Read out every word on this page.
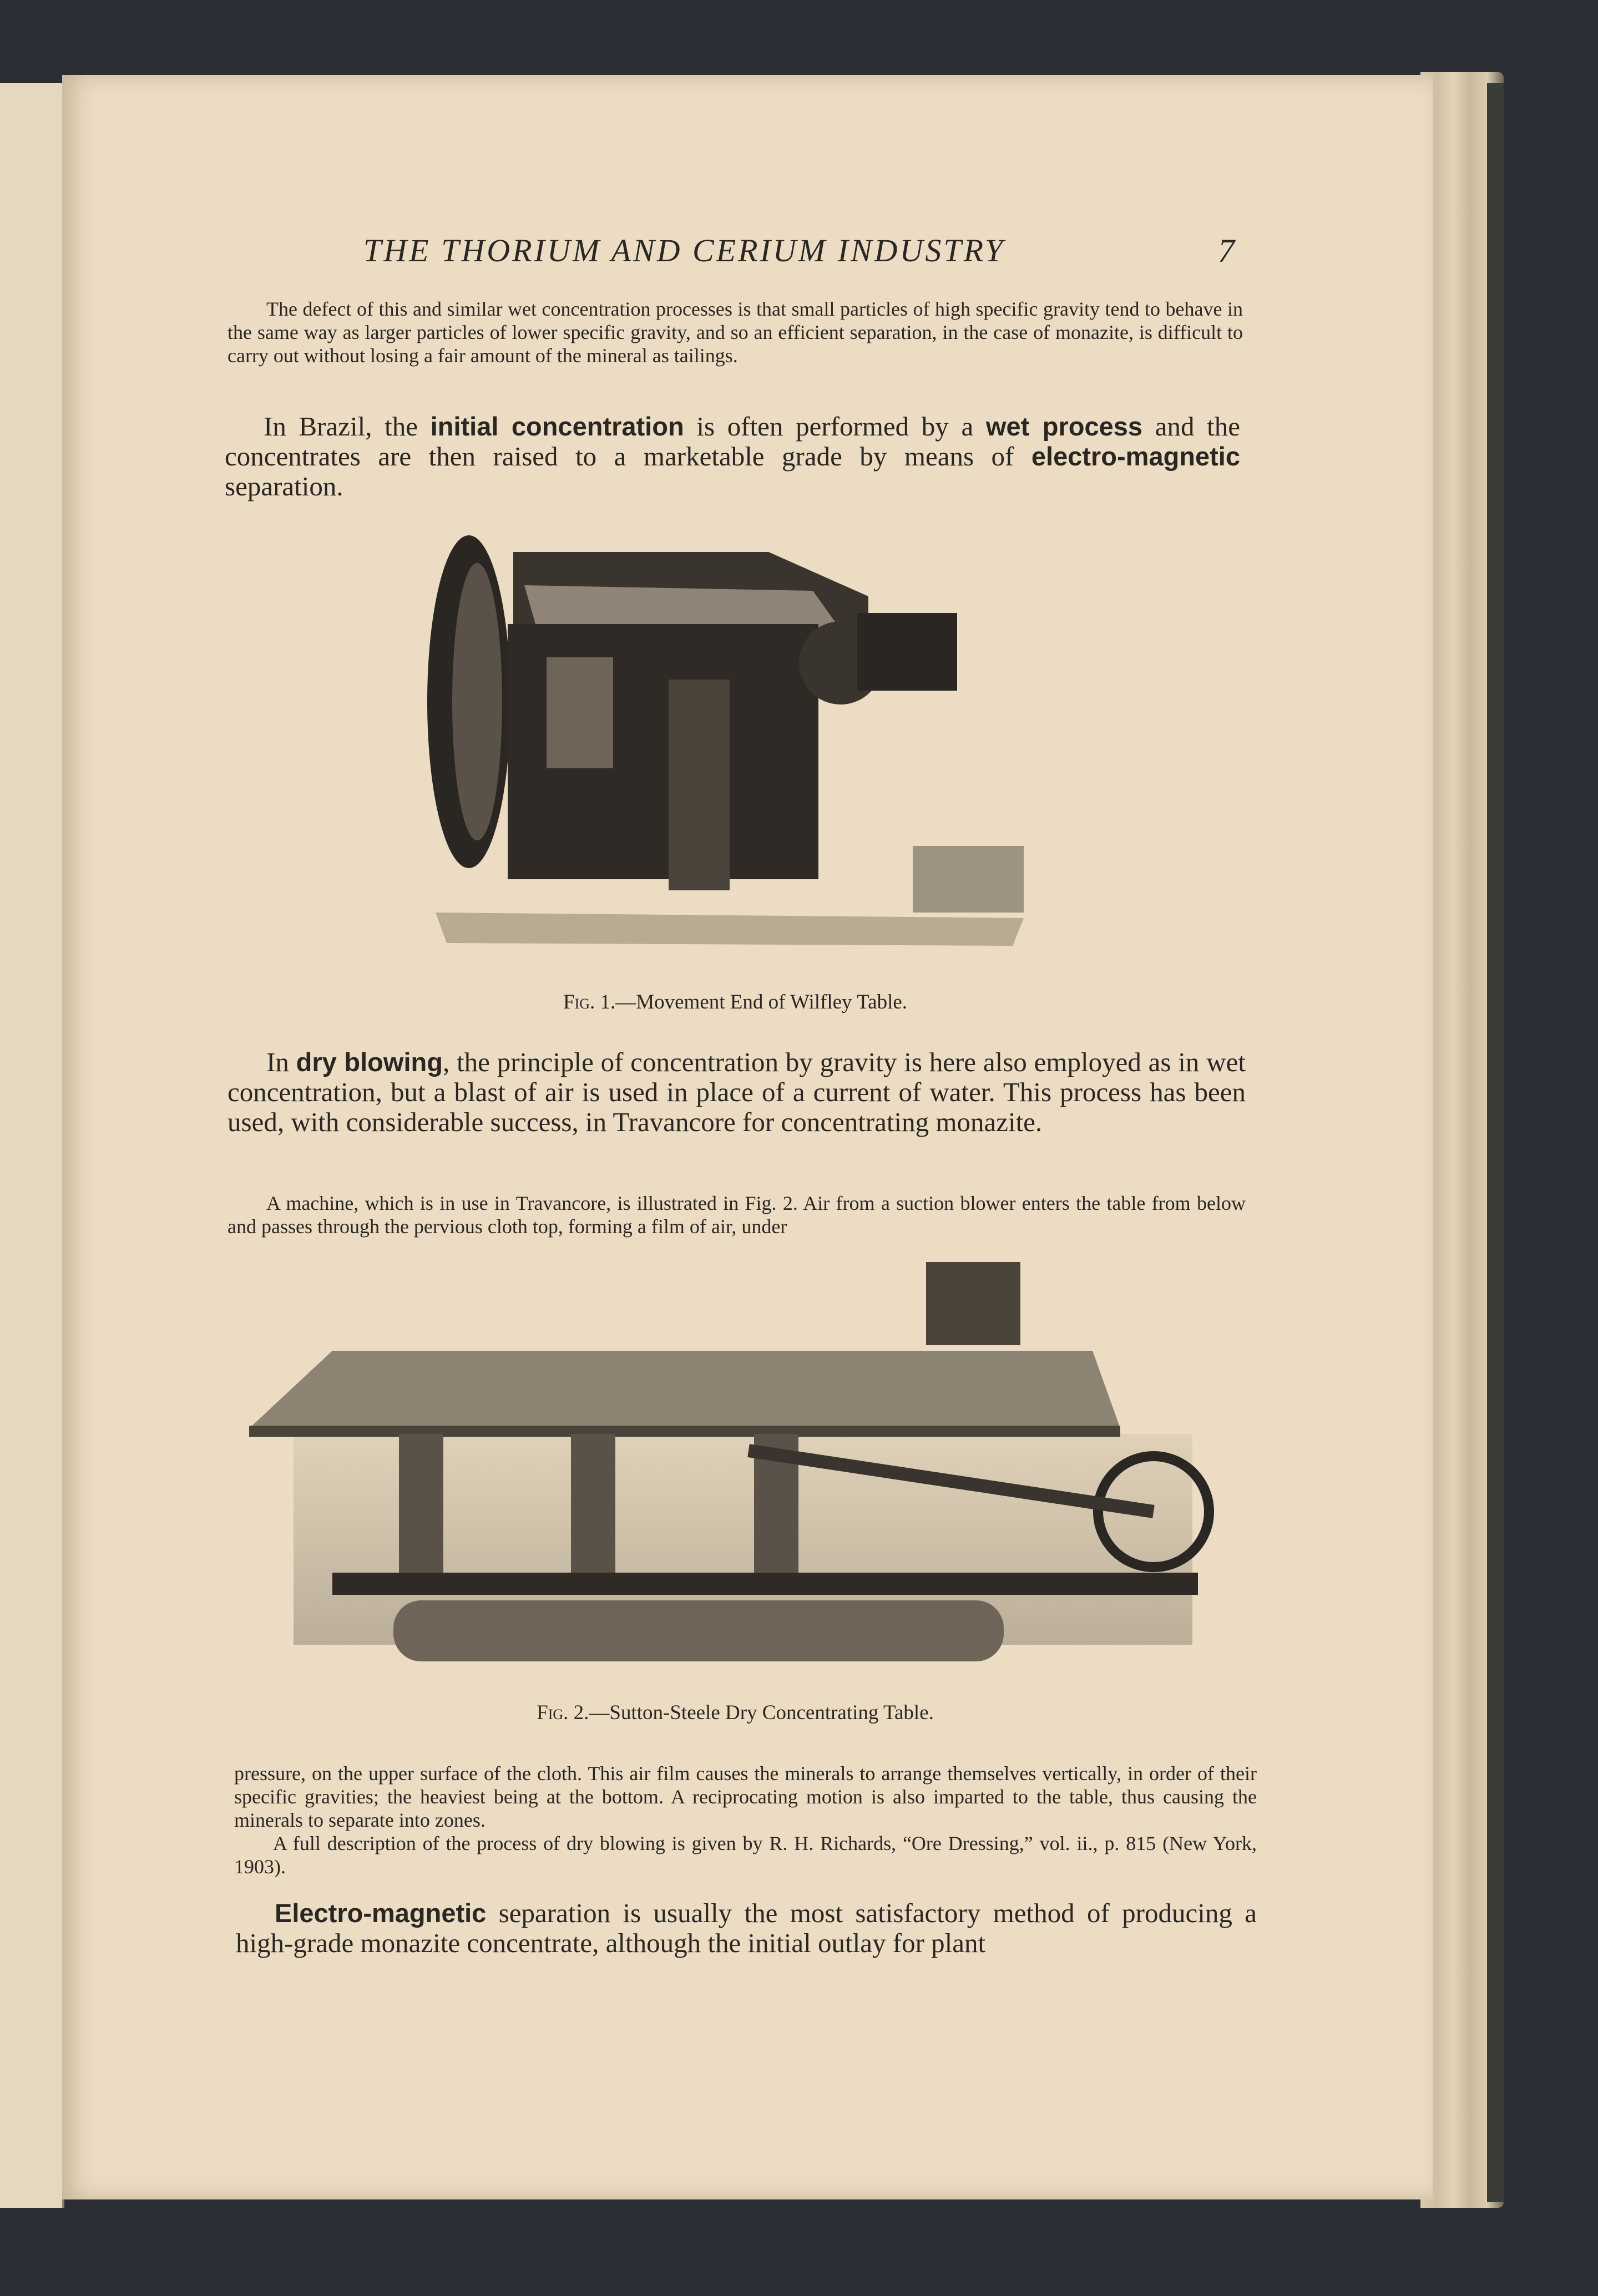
THE THORIUM AND CERIUM INDUSTRY	7
The defect of this and similar wet concentration processes is that small particles of high specific gravity tend to behave in the same way as larger particles of lower specific gravity, and so an efficient separation, in the case of monazite, is difficult to carry out without losing a fair amount of the mineral as tailings.
In Brazil, the initial concentration is often performed by a wet process and the concentrates are then raised to a marketable grade by means of electro-magnetic separation.
Fig. 1.—Movement End of Wilfley Table.
In dry blowing, the principle of concentration by gravity is here also employed as in wet concentration, but a blast of air is used in place of a current of water. This process has been used, with considerable success, in Travancore for concentrating monazite.
A machine, which is in use in Travancore, is illustrated in Fig. 2. Air from a suction blower enters the table from below and passes through the pervious cloth top, forming a film of air, under
Fig. 2.—Sutton-Steele Dry Concentrating Table.
pressure, on the upper surface of the cloth. This air film causes the minerals to arrange themselves vertically, in order of their specific gravities; the heaviest being at the bottom. A reciprocating motion is also imparted to the table, thus causing the minerals to separate into zones.
A full description of the process of dry blowing is given by R. H. Richards, “Ore Dressing,” vol. ii., p. 815 (New York, 1903).
Electro-magnetic separation is usually the most satisfactory method of producing a high-grade monazite concentrate, although the initial outlay for plant
